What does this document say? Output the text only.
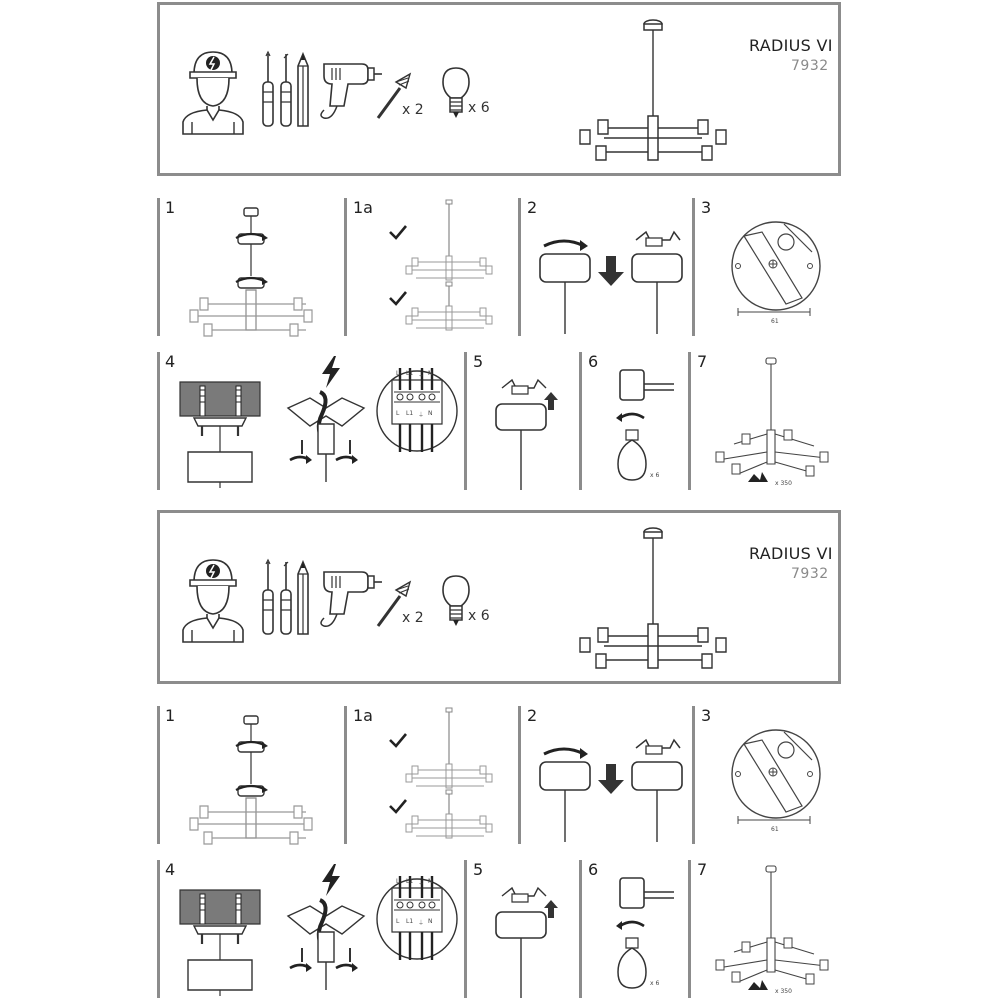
x 2	x 6
RADIUS VI
7932
1	1a	2	3
4	5	6	7
61
L L1 ⏚ N
L L1 ⏚ N
x 6
x 350
x 2	x 6
RADIUS VI
7932
1	1a	2	3
4	5	6	7
61
L L1 ⏚ N
L L1 ⏚ N
x 6
x 350
